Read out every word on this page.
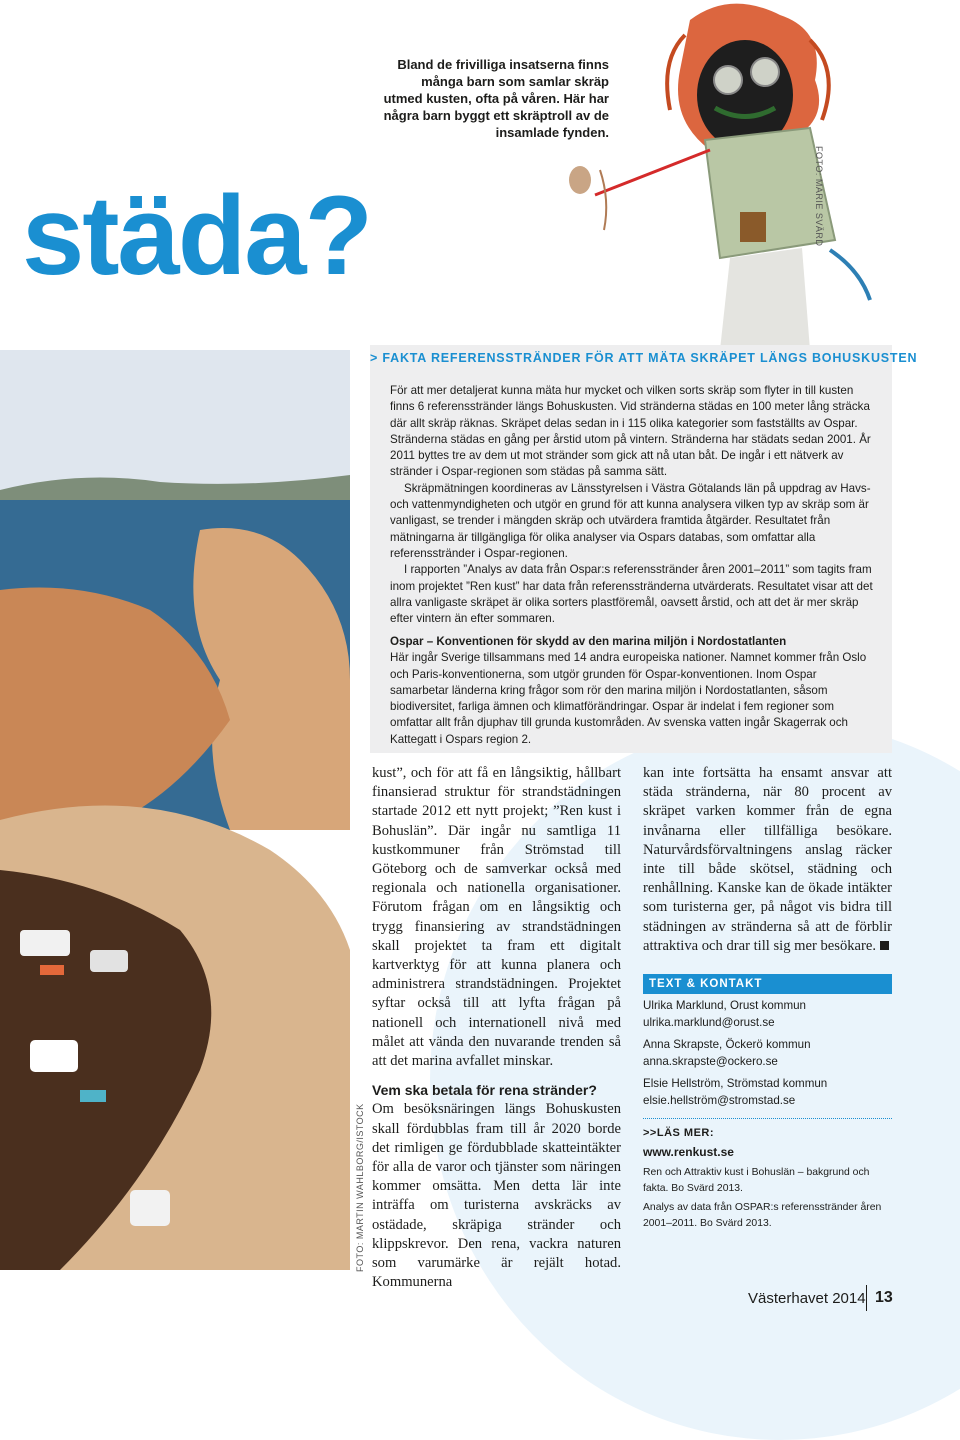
städa?
Bland de frivilliga insatserna finns många barn som samlar skräp utmed kusten, ofta på våren. Här har några barn byggt ett skräptroll av de insamlade fynden.
FOTO: MARIE SVÄRD
FOTO: MARTIN WAHLBORG/ISTOCK
> FAKTA REFERENSSTRÄNDER FÖR ATT MÄTA SKRÄPET LÄNGS BOHUSKUSTEN

För att mer detaljerat kunna mäta hur mycket och vilken sorts skräp som flyter in till kusten finns 6 referensstränder längs Bohuskusten. Vid stränderna städas en 100 meter lång sträcka där allt skräp räknas. Skräpet delas sedan in i 115 olika kategorier som fastställts av Ospar. Stränderna städas en gång per årstid utom på vintern. Stränderna har städats sedan 2001. År 2011 byttes tre av dem ut mot stränder som gick att nå utan båt. De ingår i ett nätverk av stränder i Ospar-regionen som städas på samma sätt.

Skräpmätningen koordineras av Länsstyrelsen i Västra Götalands län på uppdrag av Havs- och vattenmyndigheten och utgör en grund för att kunna analysera vilken typ av skräp som är vanligast, se trender i mängden skräp och utvärdera framtida åtgärder. Resultatet från mätningarna är tillgängliga för olika analyser via Ospars databas, som omfattar alla referensstränder i Ospar-regionen.

I rapporten ”Analys av data från Ospar:s referensstränder åren 2001–2011” som tagits fram inom projektet ”Ren kust” har data från referensstränderna utvärderats. Resultatet visar att det allra vanligaste skräpet är olika sorters plastföremål, oavsett årstid, och att det är mer skräp efter vintern än efter sommaren.

Ospar – Konventionen för skydd av den marina miljön i Nordostatlanten
Här ingår Sverige tillsammans med 14 andra europeiska nationer. Namnet kommer från Oslo och Paris-konventionerna, som utgör grunden för Ospar-konventionen. Inom Ospar samarbetar länderna kring frågor som rör den marina miljön i Nordostatlanten, såsom biodiversitet, farliga ämnen och klimatförändringar. Ospar är indelat i fem regioner som omfattar allt från djuphav till grunda kustområden. Av svenska vatten ingår Skagerrak och Kattegatt i Ospars region 2.

kust”, och för att få en långsiktig, hållbart finansierad struktur för strandstädningen startade 2012 ett nytt projekt; ”Ren kust i Bohuslän”. Där ingår nu samtliga 11 kustkommuner från Strömstad till Göteborg och de samverkar också med regionala och nationella organisationer. Förutom frågan om en långsiktig och trygg finansiering av strandstädningen skall projektet ta fram ett digitalt kartverktyg för att kunna planera och administrera strandstädningen. Projektet syftar också till att lyfta frågan på nationell och internationell nivå med målet att vända den nuvarande trenden så att det marina avfallet minskar.

Vem ska betala för rena stränder?

Om besöksnäringen längs Bohuskusten skall fördubblas fram till år 2020 borde det rimligen ge fördubblade skatteintäkter för alla de varor och tjänster som näringen kommer omsätta. Men detta lär inte inträffa om turisterna avskräcks av ostädade, skräpiga stränder och klippskrevor. Den rena, vackra naturen som varumärke är rejält hotad. Kommunerna

kan inte fortsätta ha ensamt ansvar att städa stränderna, när 80 procent av skräpet varken kommer från de egna invånarna eller tillfälliga besökare. Naturvårdsförvaltningens anslag räcker inte till både skötsel, städning och renhållning. Kanske kan de ökade intäkter som turisterna ger, på något vis bidra till städningen av stränderna så att de förblir attraktiva och drar till sig mer besökare.

TEXT & KONTAKT
Ulrika Marklund, Orust kommun
ulrika.marklund@orust.se
Anna Skrapste, Öckerö kommun
anna.skrapste@ockero.se
Elsie Hellström, Strömstad kommun
elsie.hellström@stromstad.se
>>LÄS MER:
www.renkust.se

Ren och Attraktiv kust i Bohuslän – bakgrund och fakta. Bo Svärd 2013.

Analys av data från OSPAR:s referensstränder åren 2001–2011. Bo Svärd 2013.

Västerhavet 2014 13
